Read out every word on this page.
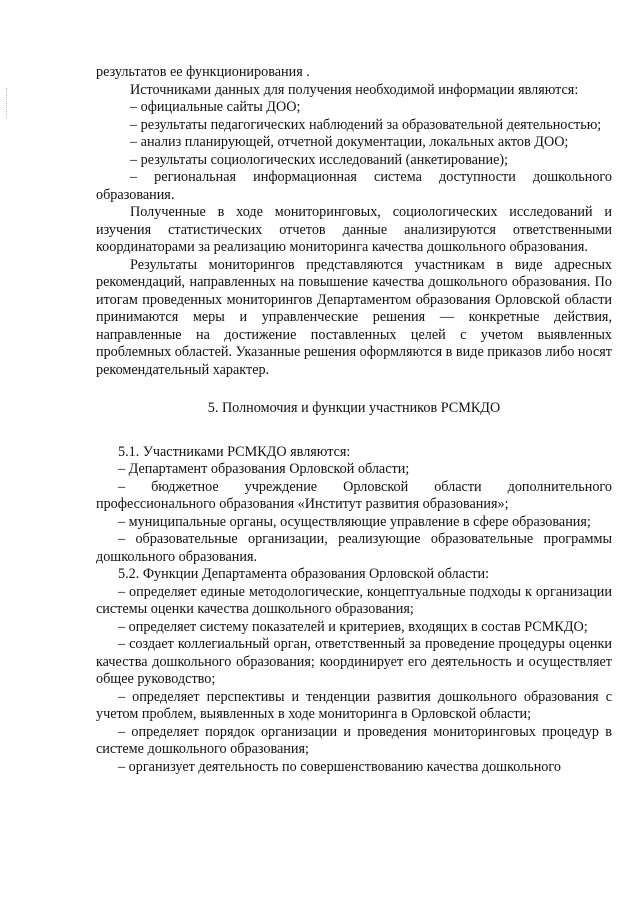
результатов ее функционирования .

Источниками данных для получения необходимой информации являются:

– официальные сайты ДОО;

– результаты педагогических наблюдений за образовательной деятельностью;

– анализ планирующей, отчетной документации, локальных актов ДОО;

– результаты социологических исследований (анкетирование);

– региональная информационная система доступности дошкольного образования.

Полученные в ходе мониторинговых, социологических исследований и изучения статистических отчетов данные анализируются ответственными координаторами за реализацию мониторинга качества дошкольного образования.

Результаты мониторингов представляются участникам в виде адресных рекомендаций, направленных на повышение качества дошкольного образования. По итогам проведенных мониторингов Департаментом образования Орловской области принимаются меры и управленческие решения — конкретные действия, направленные на достижение поставленных целей с учетом выявленных проблемных областей. Указанные решения оформляются в виде приказов либо носят рекомендательный характер.

5. Полномочия и функции участников РСМКДО

5.1. Участниками РСМКДО являются:

– Департамент образования Орловской области;

– бюджетное учреждение Орловской области дополнительного профессионального образования «Институт развития образования»;

– муниципальные органы, осуществляющие управление в сфере образования;

– образовательные организации, реализующие образовательные программы дошкольного образования.

5.2. Функции Департамента образования Орловской области:

– определяет единые методологические, концептуальные подходы к организации системы оценки качества дошкольного образования;

– определяет систему показателей и критериев, входящих в состав РСМКДО;

– создает коллегиальный орган, ответственный за проведение процедуры оценки качества дошкольного образования; координирует его деятельность и осуществляет общее руководство;

– определяет перспективы и тенденции развития дошкольного образования с учетом проблем, выявленных в ходе мониторинга в Орловской области;

– определяет порядок организации и проведения мониторинговых процедур в системе дошкольного образования;

– организует деятельность по совершенствованию качества дошкольного
